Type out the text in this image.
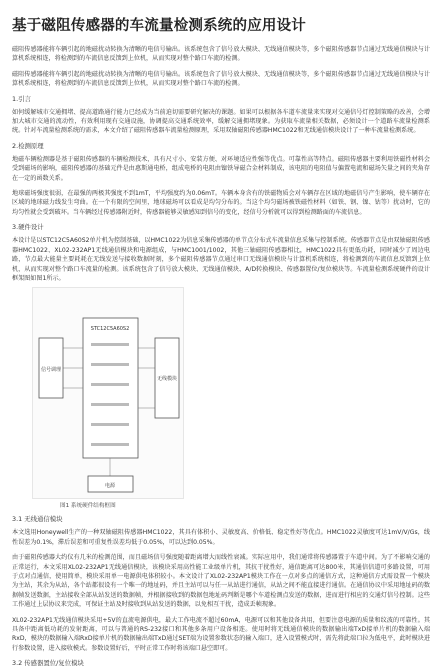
基于磁阻传感器的车流量检测系统的应用设计

磁阻传感器能将车辆引起的地磁扰动转换为清晰的电信号输出。该系统包含了信号放大模块、无线通信模块等，多个磁阻传感器节点通过无线通信模块与计算机系统相连，将检测到的车流信息反馈到上位机，从而实现对整个路口车流的检测。

磁阻传感器能将车辆引起的地磁扰动转换为清晰的电信号输出。该系统包含了信号放大模块、无线通信模块等，多个磁阻传感器节点通过无线通信模块与计算机系统相连，将检测到的车流信息反馈到上位机，从而实现对整个路口车流的检测。

1.引言

如何缓解城市交通拥堵、提高道路通行能力已经成为当前迫切需要研究解决的课题。如果可以根据各车道车流量来实现对交通信号灯控制策略的改善，会增加大城市交通的流动性，有效利用现有交通设施，协调提高交通系统效率，缓解交通拥堵现象。为获取车流量相关数据，必须设计一个道路车流量检测系统。针对车流量检测系统的需求，本文介绍了磁阻传感器车流量检测原理，采用双轴磁阻传感器HMC1022和无线通信模块设计了一种车流量检测系统。

2.检测原理

地磁车辆检测器是基于磁阻传感器的车辆检测技术，具有尺寸小、安装方便、对环境适应性强等优点。可靠性高等特点。磁阻传感器主要利用铁磁性材料会受到磁场的影响，磁阻传感器的基础元件是由惠斯通电桥，组成电桥的电阻由镍铁导磁合金材料制成，该电阻的电阻值与偏置电流和磁场矢量之间的夹角存在一定的函数关系。

地球磁场强度很弱，在最强的两极其强度不到1mT，平均强度约为0.06mT。车辆本身含有的铁磁物质会对车辆存在区域的地磁信号产生影响，使车辆存在区域的地球磁力线发生弯曲。在一个有限的空间里，地球磁场可以看成是均匀分布的。当这个均匀磁场被铁磁性材料（如铁、钢、镍、钴等）扰动时，它的均匀性就会受到破坏。当车辆经过传感器附近时，传感器能够灵敏感知到信号的变化，经信号分析就可以得到检测路面的车流信息。

3.硬件设计

本设计是以STC12C5A60S2单片机为控制基础，以HMC1022为信息采集传感器的单节点分布式车流量信息采集与控制系统。传感器节点是由双轴磁阻传感器HMC1022、XL02-232AP1无线通信模块和电源组成，与HMC1001/1002，其他三轴磁阻传感器相比，HMC1022具有更低功耗，同时减少了周边电路，节点最大能量主要耗耗在无线发送与接收数据时刻，多个磁阻传感器节点通过串口无线通信模块与计算机系统相连，将检测到的车流信息反馈到上位机，从而实现对整个路口车流量的检测。该系统包含了信号放大模块、无线通信模块、A/D转换模块、传感器置位/复位模块等。车流量检测系统硬件的设计框架图如图1所示。

STC12C5A60S2
信号调理
无线模块
电源
图1 系统硬件结构框图
3.1 无线通信模块

本文选用Honeywell生产的一种双轴磁阻传感器HMC1022，其具有体积小、灵敏度高、价格低、稳定性好等优点。HMC1022灵敏度可达1mV/V/Gs，线性误差为0.1%，滞后误差和可重复性误差均低于0.05%，可以达到0.05%。

由于磁阻传感器大约仪有几米的检测范围，而且磁场信号强度随着距离增大而线性衰减。实际应用中，我们通常将传感器置于车道中间。为了不影响交通的正常运行，本文采用XL02-232AP1无线通信模块，该模块采用高性能工业级单片机，其抗干扰性好，通信距离可达800米，其通信信道可多路设置，可用于点对点通信，使用简单，模块采用单一电源供电体积较小。本文设计了XL02-232AP1模块工作在一点对多点的通信方式，这种通信方式需设置一个模块为主站，其余为从站，各个站都很设有一个唯一的地址码，并且主站可以与任一从站进行通信，从站之间不能直接进行通信。在通信协议中采用地址码的数据帧发送数据，主站接收全部从站发送的数据帧，并根据接收到的数据包地址码判断是哪个车道检测点发送的数据，进而进行相应的交通灯信号控制。这些工作通过上层协议来完成，可保证主站及时接收到从站发送的数据，以免相互干扰，造成丢帧现象。

XL02-232AP1无线通信模块采用+5V的直流电源供电，最大工作电流不超过60mA，电源可以和其他设备共用，但要注意电源的质量和纹波的可靠性。其具备中距离低功耗的发射距离，可以与普通的RS-232接口和其他多条用户设备相连。使用时将无线通信模块的数据输出端TxD接单片机的数据输入端RxD，模块的数据输入端RxD接单片机的数据输出端TxD通过SET端为设置参数状态的输入端口，进入设置模式时，需先将此端口拉为低电平，此时模块进行参数设置，进入接收模式。参数设置好后，平时正常工作时将该端口悬空即可。

3.2 传感器置位/复位模块
